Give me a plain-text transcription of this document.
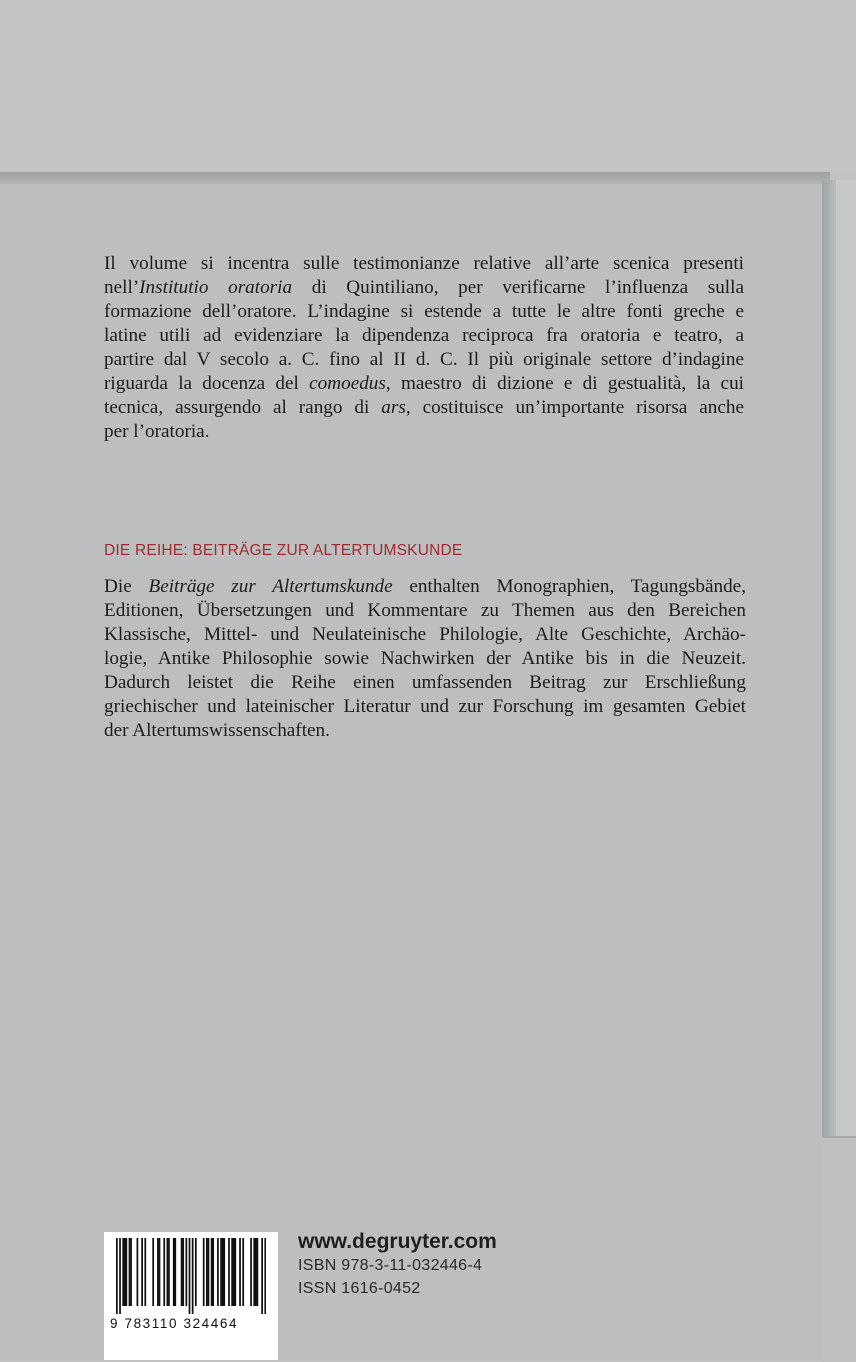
Il volume si incentra sulle testimonianze relative all’arte scenica presenti
nell’Institutio oratoria di Quintiliano, per verificarne l’influenza sulla
formazione dell’oratore. L’indagine si estende a tutte le altre fonti greche e
latine utili ad evidenziare la dipendenza reciproca fra oratoria e teatro, a
partire dal V secolo a. C. fino al II d. C. Il più originale settore d’indagine
riguarda la docenza del comoedus, maestro di dizione e di gestualità, la cui
tecnica, assurgendo al rango di ars, costituisce un’importante risorsa anche
per l’oratoria.
DIE REIHE: BEITRÄGE ZUR ALTERTUMSKUNDE
Die Beiträge zur Altertumskunde enthalten Monographien, Tagungsbände,
Editionen, Übersetzungen und Kommentare zu Themen aus den Bereichen
Klassische, Mittel- und Neulateinische Philologie, Alte Geschichte, Archäo-
logie, Antike Philosophie sowie Nachwirken der Antike bis in die Neuzeit.
Dadurch leistet die Reihe einen umfassenden Beitrag zur Erschließung
griechischer und lateinischer Literatur und zur Forschung im gesamten Gebiet
der Altertumswissenschaften.
9 783110 324464
www.degruyter.com
ISBN 978-3-11-032446-4
ISSN 1616-0452
